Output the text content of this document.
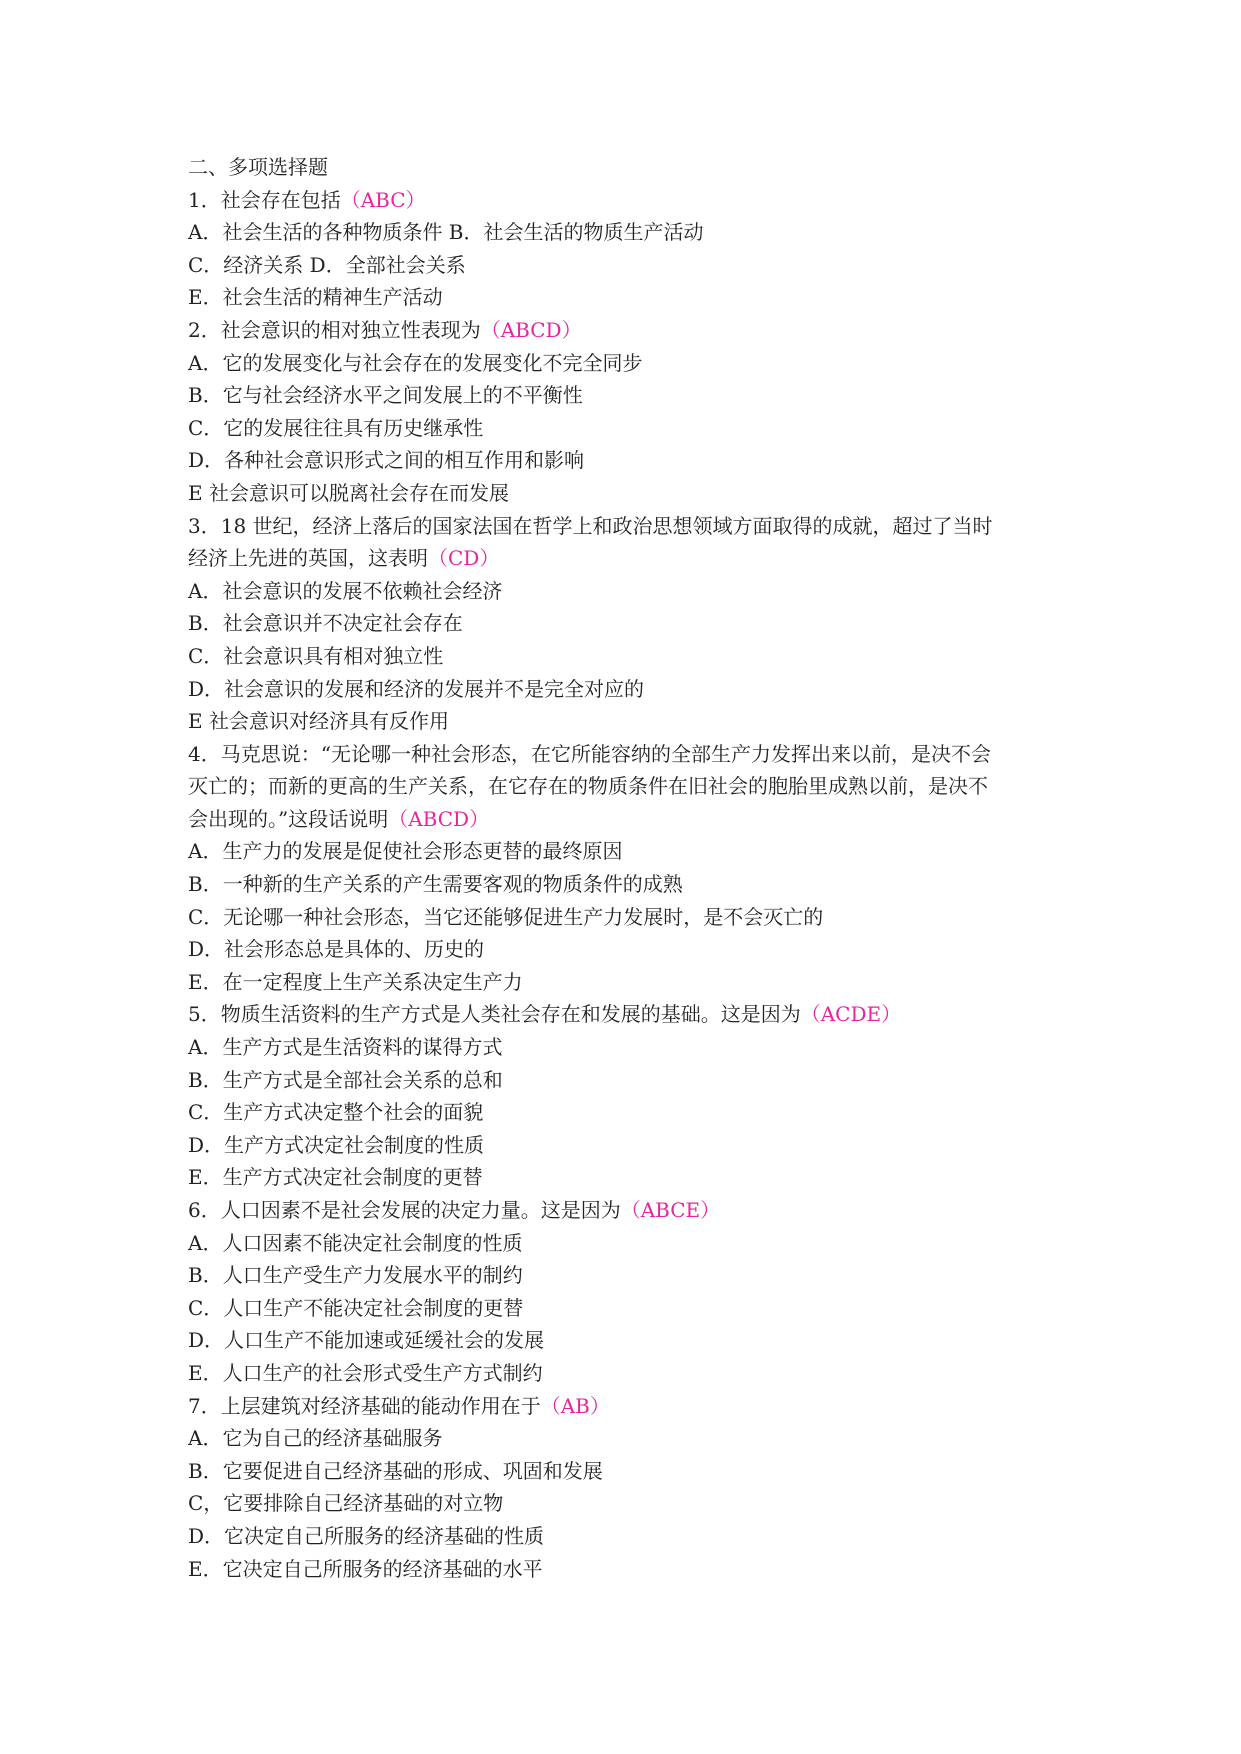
二、多项选择题

1．社会存在包括（ABC）

A．社会生活的各种物质条件 B．社会生活的物质生产活动

C．经济关系 D．全部社会关系

E．社会生活的精神生产活动

2．社会意识的相对独立性表现为（ABCD）

A．它的发展变化与社会存在的发展变化不完全同步

B．它与社会经济水平之间发展上的不平衡性

C．它的发展往往具有历史继承性

D．各种社会意识形式之间的相互作用和影响

E 社会意识可以脱离社会存在而发展

3．18 世纪，经济上落后的国家法国在哲学上和政治思想领域方面取得的成就，超过了当时

经济上先进的英国，这表明（CD）

A．社会意识的发展不依赖社会经济

B．社会意识并不决定社会存在

C．社会意识具有相对独立性

D．社会意识的发展和经济的发展并不是完全对应的

E 社会意识对经济具有反作用

4．马克思说：“无论哪一种社会形态，在它所能容纳的全部生产力发挥出来以前，是决不会

灭亡的；而新的更高的生产关系，在它存在的物质条件在旧社会的胞胎里成熟以前，是决不

会出现的。”这段话说明（ABCD）

A．生产力的发展是促使社会形态更替的最终原因

B．一种新的生产关系的产生需要客观的物质条件的成熟

C．无论哪一种社会形态，当它还能够促进生产力发展时，是不会灭亡的

D．社会形态总是具体的、历史的

E．在一定程度上生产关系决定生产力

5．物质生活资料的生产方式是人类社会存在和发展的基础。这是因为（ACDE）

A．生产方式是生活资料的谋得方式

B．生产方式是全部社会关系的总和

C．生产方式决定整个社会的面貌

D．生产方式决定社会制度的性质

E．生产方式决定社会制度的更替

6．人口因素不是社会发展的决定力量。这是因为（ABCE）

A．人口因素不能决定社会制度的性质

B．人口生产受生产力发展水平的制约

C．人口生产不能决定社会制度的更替

D．人口生产不能加速或延缓社会的发展

E．人口生产的社会形式受生产方式制约

7．上层建筑对经济基础的能动作用在于（AB）

A．它为自己的经济基础服务

B．它要促进自己经济基础的形成、巩固和发展

C，它要排除自己经济基础的对立物

D．它决定自己所服务的经济基础的性质

E．它决定自己所服务的经济基础的水平
